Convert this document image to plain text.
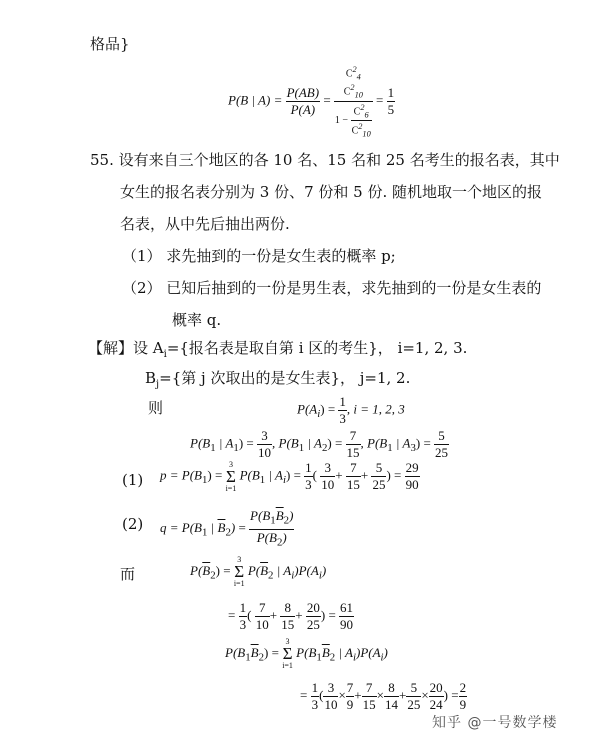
格品}
P(B | $A) = \frac{P(AB)}{P(A)}$ =
$C^2_4$
$C^2_{10}$
$1 - \frac{C^2_6}{C^2_{10}}$
= $\frac{1}{5}$
55. 设有来自三个地区的各 10 名、15 名和 25 名考生的报名表，其中
女生的报名表分别为 3 份、7 份和 5 份. 随机地取一个地区的报
名表，从中先后抽出两份.
（1） 求先抽到的一份是女生表的概率 p;
（2） 已知后抽到的一份是男生表，求先抽到的一份是女生表的
概率 q.
【解】设 $A_i=${报名表是取自第 i 区的考生}， i=1, 2, 3.
$B_j=${第 j 次取出的是女生表}， j=1, 2.
则	$P(A_i) = \frac{1}{3}$ , i = 1, 2, 3
$P(B_1$ | $A_1) = \frac{3}{10}$ , $P(B_1$ | $A_2) = \frac{7}{15}$ , $P(B_1$ | $A_3) = \frac{5}{25}$
(1) $p = P(B_1)$ =
3
Σ
i=1
$P(B_1$ | $A_i) = \frac{1}{3}$ ( $\frac{3}{10} + \frac{7}{15} + \frac{5}{25}$ ) = $\frac{29}{90}$
(2) $q = P(B_1$ | $\overline{B}_2) = \frac{P(B_1\overline{B}_2)}{P(B_2)}$
而	$P(\overline{B}_2)$ =
3
Σ
i=1
$P(\overline{B}_2$ | $A_i)P(A_i)$
= $\frac{1}{3}$ ( $\frac{7}{10} + \frac{8}{15} + \frac{20}{25}$ ) = $\frac{61}{90}$
$P(B_1\overline{B}_2)$ =
3
Σ
i=1
$P(B_1\overline{B}_2$ | $A_i)P(A_i)$
= $\frac{1}{3}$ ( $\frac{3}{10} \times \frac{7}{9} + \frac{7}{15} \times \frac{8}{14} + \frac{5}{25} \times \frac{20}{24}$ ) = $\frac{2}{9}$
知乎 @一号数学楼
